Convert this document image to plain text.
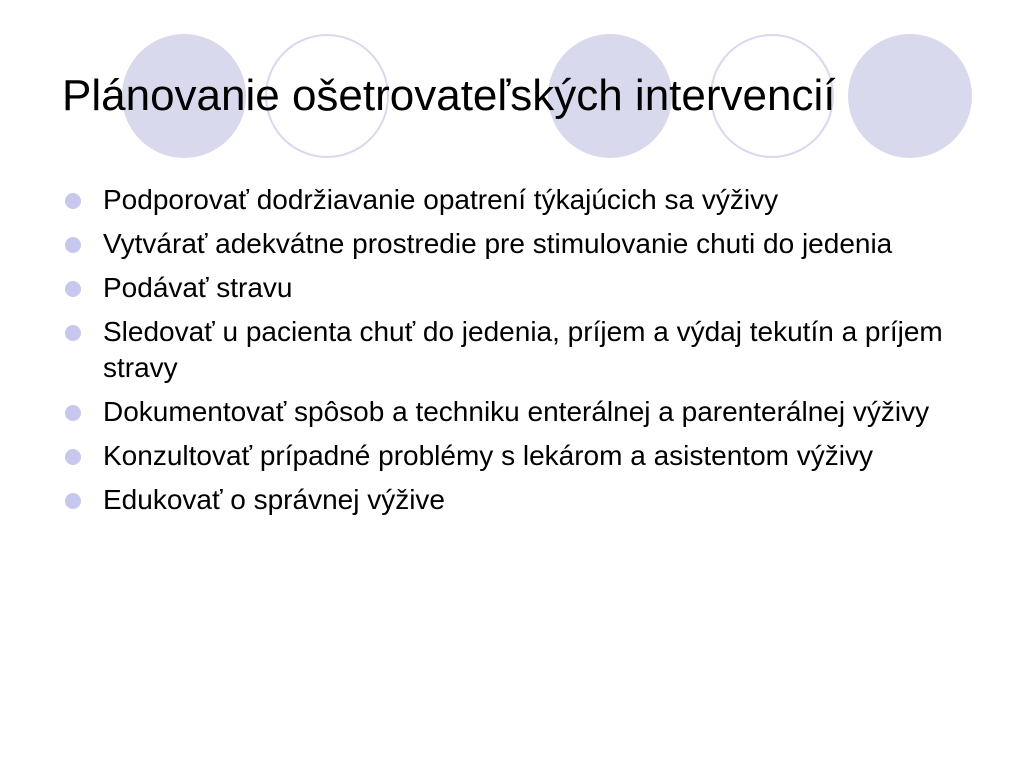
Plánovanie ošetrovateľských intervencií
Podporovať dodržiavanie opatrení týkajúcich sa výživy
Vytvárať adekvátne prostredie pre stimulovanie chuti do jedenia
Podávať stravu
Sledovať u pacienta chuť do jedenia, príjem a výdaj tekutín a príjem stravy
Dokumentovať spôsob a techniku enterálnej a parenterálnej výživy
Konzultovať prípadné problémy s lekárom a asistentom výživy
Edukovať o správnej výžive
